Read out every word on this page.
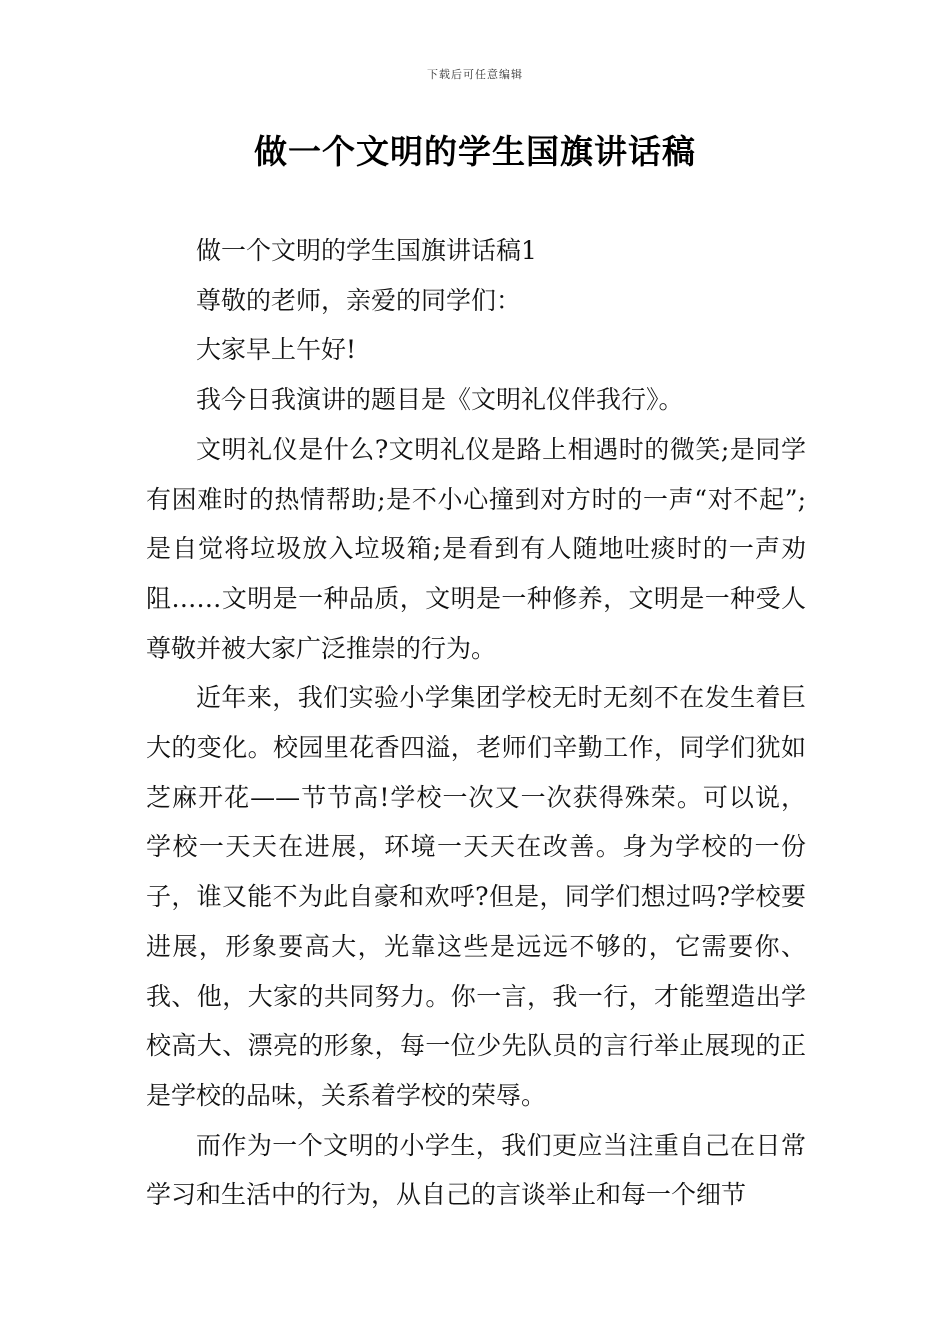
下载后可任意编辑
做一个文明的学生国旗讲话稿

做一个文明的学生国旗讲话稿1

尊敬的老师，亲爱的同学们：

大家早上午好!

我今日我演讲的题目是《文明礼仪伴我行》。

文明礼仪是什么?文明礼仪是路上相遇时的微笑;是同学有困难时的热情帮助;是不小心撞到对方时的一声“对不起”;是自觉将垃圾放入垃圾箱;是看到有人随地吐痰时的一声劝阻……文明是一种品质，文明是一种修养，文明是一种受人尊敬并被大家广泛推崇的行为。

近年来，我们实验小学集团学校无时无刻不在发生着巨大的变化。校园里花香四溢，老师们辛勤工作，同学们犹如芝麻开花——节节高!学校一次又一次获得殊荣。可以说，学校一天天在进展，环境一天天在改善。身为学校的一份子，谁又能不为此自豪和欢呼?但是，同学们想过吗?学校要进展，形象要高大，光靠这些是远远不够的，它需要你、我、他，大家的共同努力。你一言，我一行，才能塑造出学校高大、漂亮的形象，每一位少先队员的言行举止展现的正是学校的品味，关系着学校的荣辱。

而作为一个文明的小学生，我们更应当注重自己在日常学习和生活中的行为，从自己的言谈举止和每一个细节
